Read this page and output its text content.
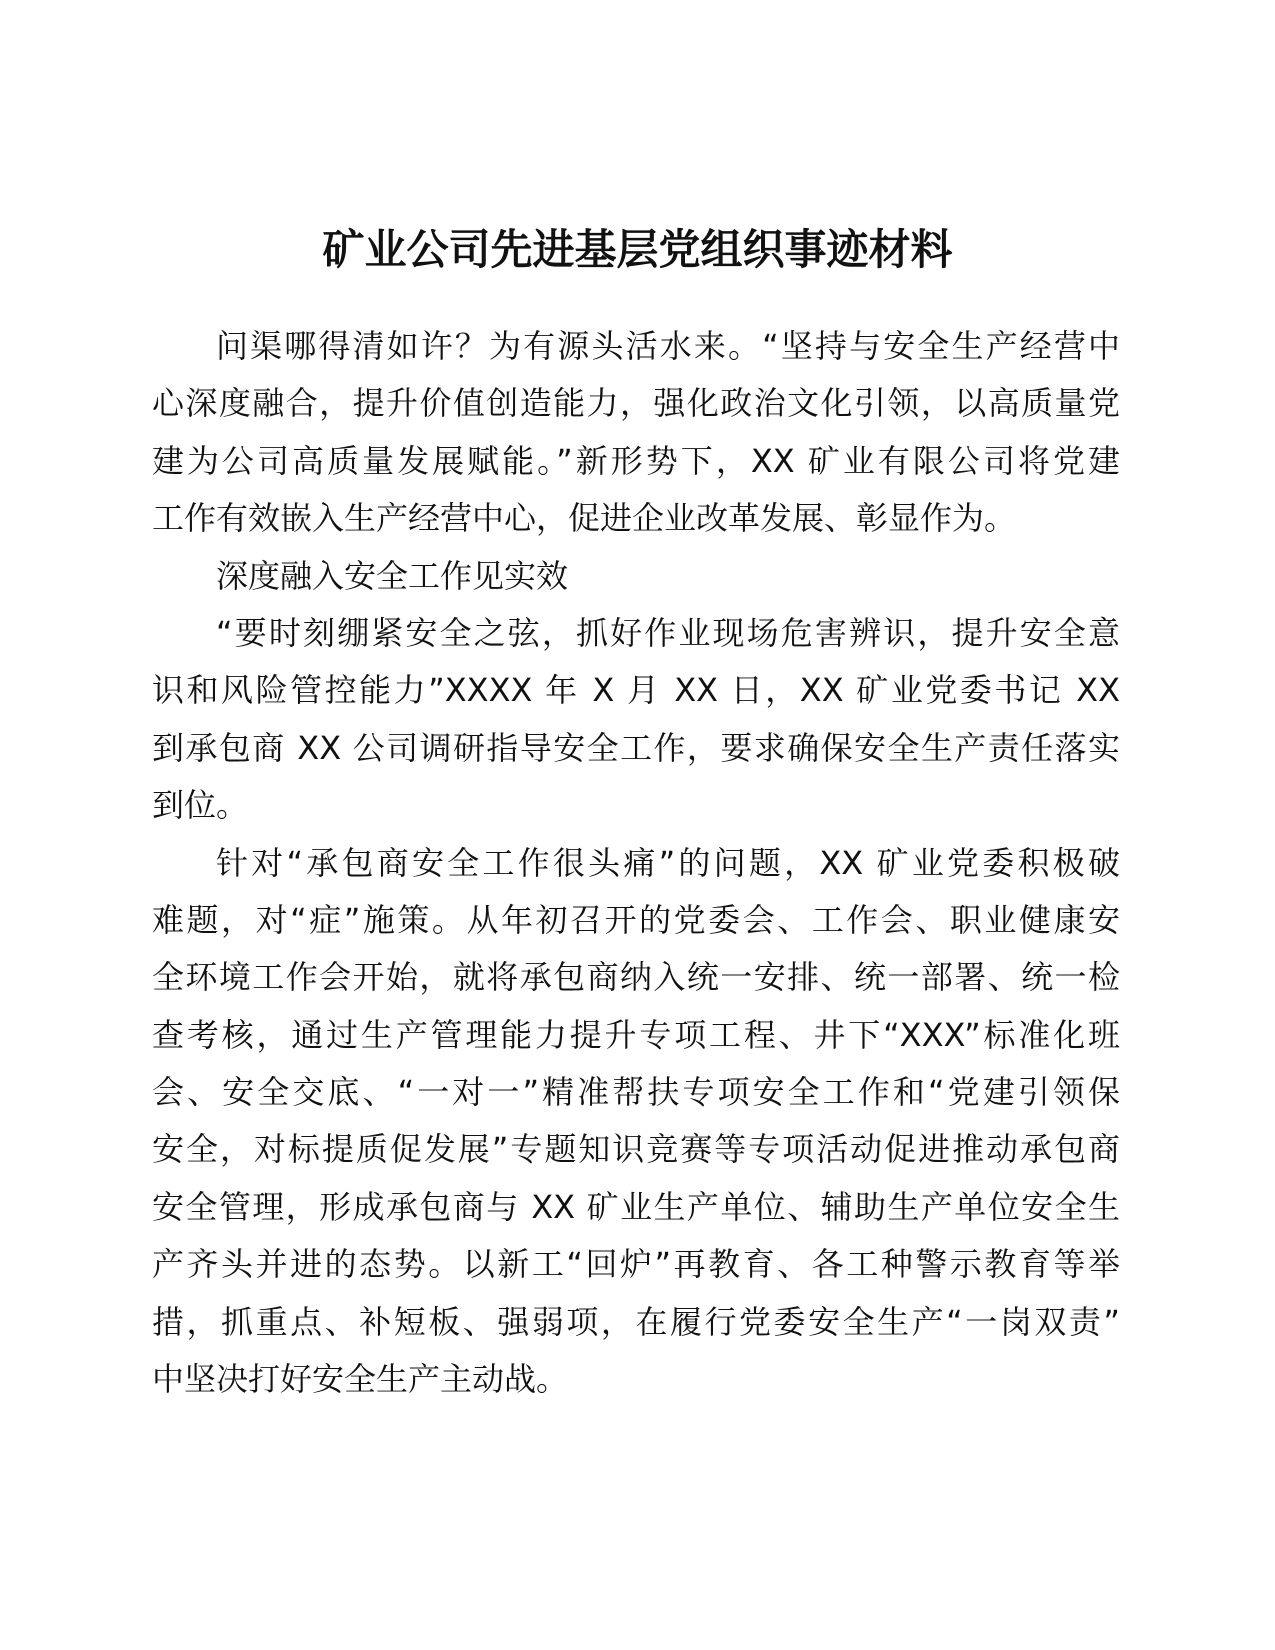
矿业公司先进基层党组织事迹材料
问渠哪得清如许？为有源头活水来。“坚持与安全生产经营中
心深度融合，提升价值创造能力，强化政治文化引领，以高质量党
建为公司高质量发展赋能。”新形势下，XX 矿业有限公司将党建
工作有效嵌入生产经营中心，促进企业改革发展、彰显作为。
深度融入安全工作见实效
“要时刻绷紧安全之弦，抓好作业现场危害辨识，提升安全意
识和风险管控能力”XXXX 年 X 月 XX 日，XX 矿业党委书记 XX
到承包商 XX 公司调研指导安全工作，要求确保安全生产责任落实
到位。
针对“承包商安全工作很头痛”的问题，XX 矿业党委积极破
难题，对“症”施策。从年初召开的党委会、工作会、职业健康安
全环境工作会开始，就将承包商纳入统一安排、统一部署、统一检
查考核，通过生产管理能力提升专项工程、井下“XXX”标准化班
会、安全交底、“一对一”精准帮扶专项安全工作和“党建引领保
安全，对标提质促发展”专题知识竞赛等专项活动促进推动承包商
安全管理，形成承包商与 XX 矿业生产单位、辅助生产单位安全生
产齐头并进的态势。以新工“回炉”再教育、各工种警示教育等举
措，抓重点、补短板、强弱项，在履行党委安全生产“一岗双责”
中坚决打好安全生产主动战。
